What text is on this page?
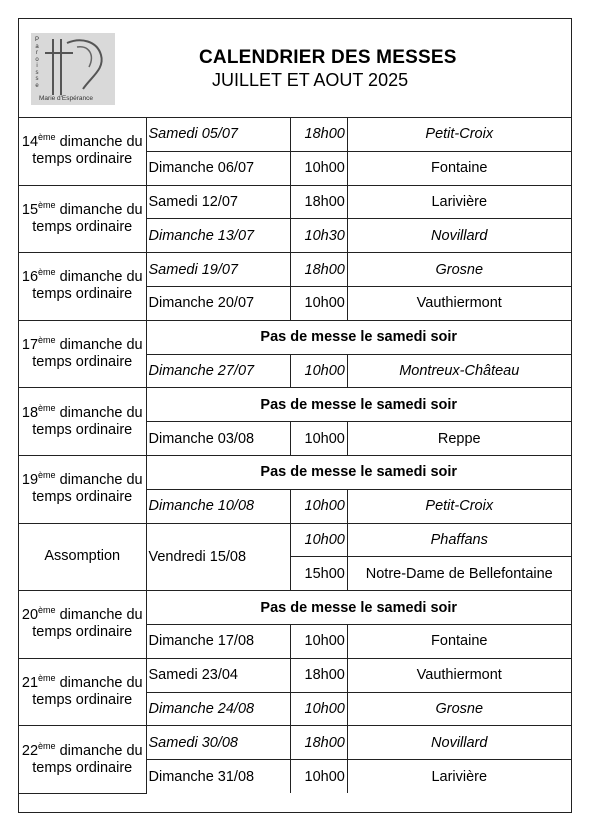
P
a
r
o
i
s
s
e
Marie d'Espérance
CALENDRIER DES MESSES
JUILLET ET AOUT 2025
14ème dimanche du temps ordinaire	Samedi 05/07	18h00	Petit-Croix
	Dimanche 06/07	10h00	Fontaine
15ème dimanche du temps ordinaire	Samedi 12/07	18h00	Larivière
	Dimanche 13/07	10h30	Novillard
16ème dimanche du temps ordinaire	Samedi 19/07	18h00	Grosne
	Dimanche 20/07	10h00	Vauthiermont
17ème dimanche du temps ordinaire	Pas de messe le samedi soir		
	Dimanche 27/07	10h00	Montreux-Château
18ème dimanche du temps ordinaire	Pas de messe le samedi soir		
	Dimanche 03/08	10h00	Reppe
19ème dimanche du temps ordinaire	Pas de messe le samedi soir		
	Dimanche 10/08	10h00	Petit-Croix
Assomption	Vendredi 15/08	10h00	Phaffans
		15h00	Notre-Dame de Bellefontaine
20ème dimanche du temps ordinaire	Pas de messe le samedi soir		
	Dimanche 17/08	10h00	Fontaine
21ème dimanche du temps ordinaire	Samedi 23/04	18h00	Vauthiermont
	Dimanche 24/08	10h00	Grosne
22ème dimanche du temps ordinaire	Samedi 30/08	18h00	Novillard
	Dimanche 31/08	10h00	Larivière
